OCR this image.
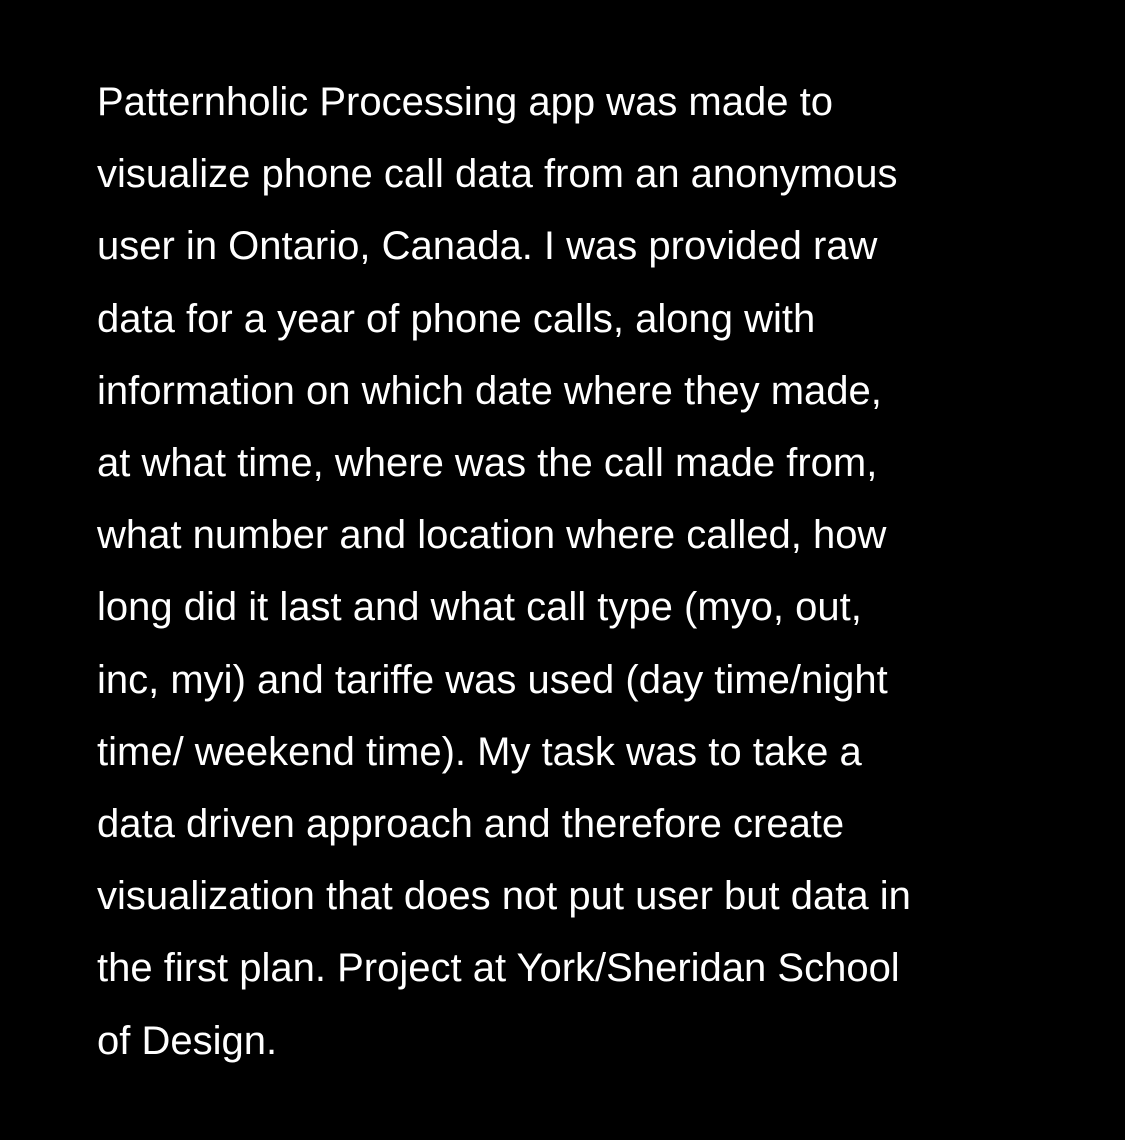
Patternholic Processing app was made to
visualize phone call data from an anonymous
user in Ontario, Canada. I was provided raw
data for a year of phone calls, along with
information on which date where they made,
at what time, where was the call made from,
what number and location where called, how
long did it last and what call type (myo, out,
inc, myi) and tariffe was used (day time/night
time/ weekend time). My task was to take a
data driven approach and therefore create
visualization that does not put user but data in
the first plan. Project at York/Sheridan School
of Design.
